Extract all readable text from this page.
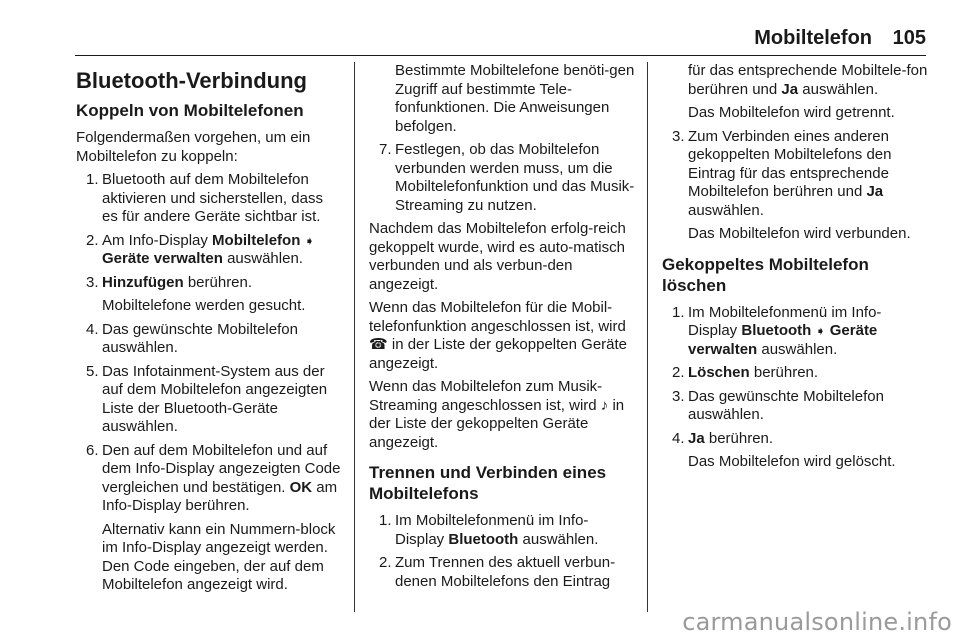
Mobiltelefon 105
Bluetooth-Verbindung
Koppeln von Mobiltelefonen

Folgendermaßen vorgehen, um ein Mobiltelefon zu koppeln:

1. Bluetooth auf dem Mobiltelefon aktivieren und sicherstellen, dass es für andere Geräte sichtbar ist.
2. Am Info-Display Mobiltelefon ➧ Geräte verwalten auswählen.
3. Hinzufügen berühren.
Mobiltelefone werden gesucht.
4. Das gewünschte Mobiltelefon auswählen.
5. Das Infotainment-System aus der auf dem Mobiltelefon angezeigten Liste der Bluetooth-Geräte auswählen.
6. Den auf dem Mobiltelefon und auf dem Info-Display angezeigten Code vergleichen und bestätigen. OK am Info-Display berühren.
Alternativ kann ein Nummern-block im Info-Display angezeigt werden. Den Code eingeben, der auf dem Mobiltelefon angezeigt wird.
Bestimmte Mobiltelefone benöti-gen Zugriff auf bestimmte Tele-fonfunktionen. Die Anweisungen befolgen.
7. Festlegen, ob das Mobiltelefon verbunden werden muss, um die Mobiltelefonfunktion und das Musik-Streaming zu nutzen.

Nachdem das Mobiltelefon erfolg-reich gekoppelt wurde, wird es auto-matisch verbunden und als verbun-den angezeigt.

Wenn das Mobiltelefon für die Mobil-telefonfunktion angeschlossen ist, wird ☎ in der Liste der gekoppelten Geräte angezeigt.

Wenn das Mobiltelefon zum Musik-Streaming angeschlossen ist, wird ♪ in der Liste der gekoppelten Geräte angezeigt.

Trennen und Verbinden eines Mobiltelefons
1. Im Mobiltelefonmenü im Info-Display Bluetooth auswählen.
2. Zum Trennen des aktuell verbun-denen Mobiltelefons den Eintrag
für das entsprechende Mobiltele-fon berühren und Ja auswählen.
Das Mobiltelefon wird getrennt.
3. Zum Verbinden eines anderen gekoppelten Mobiltelefons den Eintrag für das entsprechende Mobiltelefon berühren und Ja auswählen.
Das Mobiltelefon wird verbunden.
Gekoppeltes Mobiltelefon löschen
1. Im Mobiltelefonmenü im Info-Display Bluetooth ➧ Geräte verwalten auswählen.
2. Löschen berühren.
3. Das gewünschte Mobiltelefon auswählen.
4. Ja berühren.
Das Mobiltelefon wird gelöscht.
carmanualsonline.info
